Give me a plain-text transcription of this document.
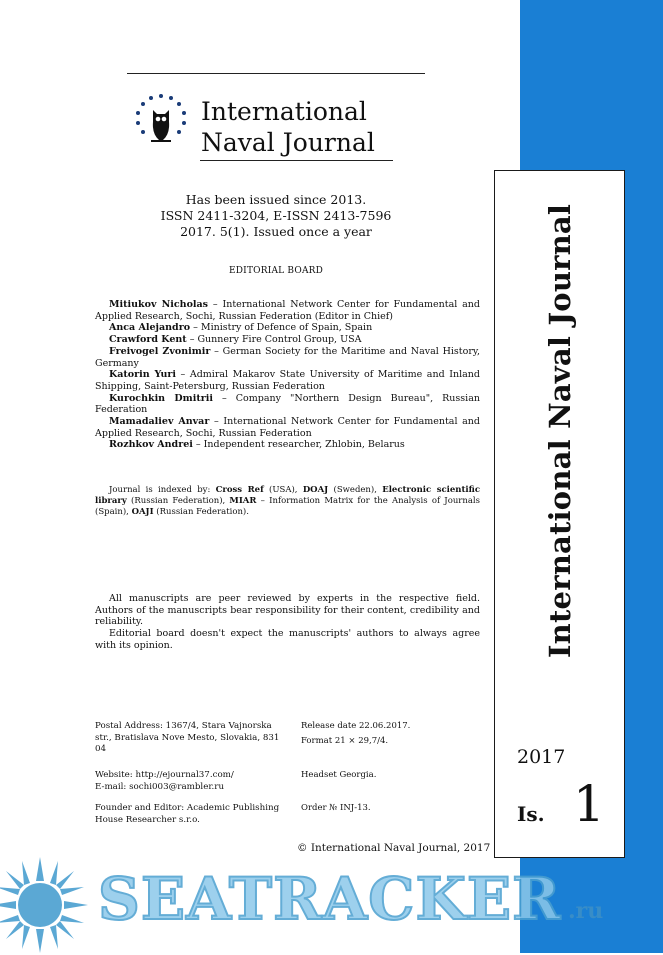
International Naval Journal
2017
Is. 1
International
Naval Journal
Has been issued since 2013.
ISSN 2411-3204, E-ISSN 2413-7596
2017. 5(1). Issued once a year
EDITORIAL BOARD

Mitiukov Nicholas – International Network Center for Fundamental and Applied Research, Sochi, Russian Federation (Editor in Chief)

Anca Alejandro – Ministry of Defence of Spain, Spain

Crawford Kent – Gunnery Fire Control Group, USA

Freivogel Zvonimir – German Society for the Maritime and Naval History, Germany

Katorin Yuri – Admiral Makarov State University of Maritime and Inland Shipping, Saint-Petersburg, Russian Federation

Kurochkin Dmitrii – Company "Northern Design Bureau", Russian Federation

Mamadaliev Anvar – International Network Center for Fundamental and Applied Research, Sochi, Russian Federation

Rozhkov Andrei – Independent researcher, Zhlobin, Belarus

Journal is indexed by: Cross Ref (USA), DOAJ (Sweden), Electronic scientific library (Russian Federation), MIAR – Information Matrix for the Analysis of Journals (Spain), OAJI (Russian Federation).

All manuscripts are peer reviewed by experts in the respective field. Authors of the manuscripts bear responsibility for their content, credibility and reliability.

Editorial board doesn't expect the manuscripts' authors to always agree with its opinion.

Postal Address: 1367/4, Stara Vajnorska str., Bratislava Nove Mesto, Slovakia, 831 04
Website: http://ejournal37.com/
E-mail: sochi003@rambler.ru
Founder and Editor: Academic Publishing House Researcher s.r.o.
Release date 22.06.2017.
Format 21 × 29,7/4.
Headset Georgia.
Order № INJ-13.
© International Naval Journal, 2017
SEATRACKER .ru
